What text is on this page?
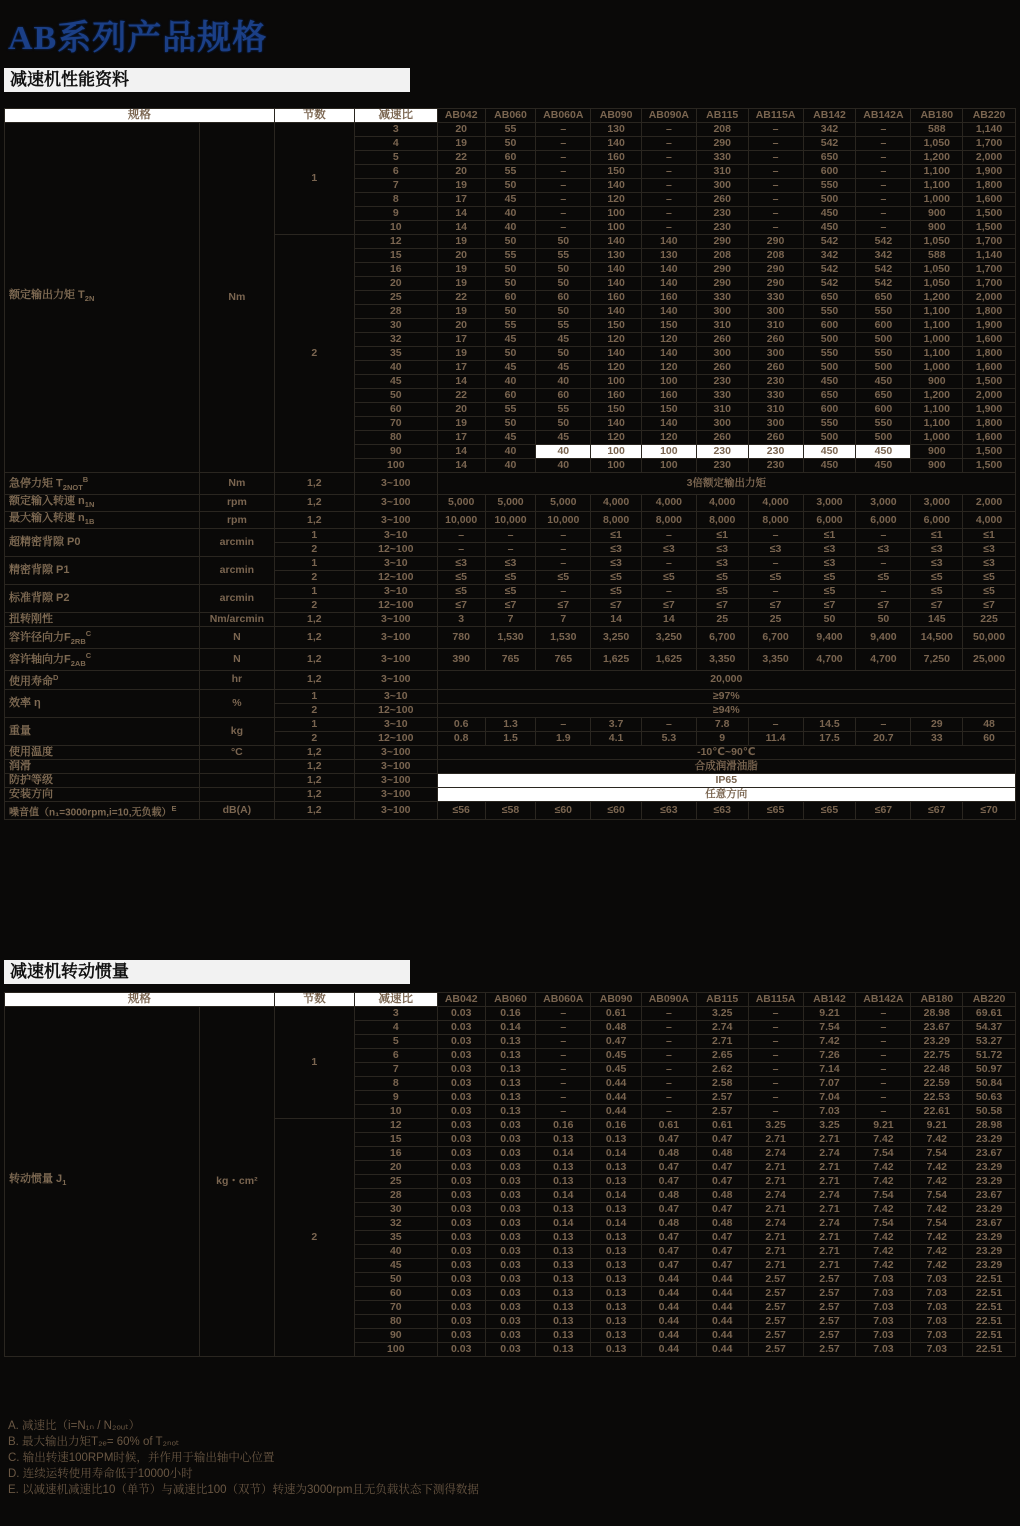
AB系列产品规格
减速机性能资料
规格		节数	减速比	AB042	AB060	AB060A	AB090	AB090A	AB115	AB115A	AB142	AB142A	AB180	AB220
额定输出力矩 $T_{2N}$	Nm	1	3	20	55	–	130	–	208	–	342	–	588	1,140
			4	19	50	–	140	–	290	–	542	–	1,050	1,700
			5	22	60	–	160	–	330	–	650	–	1,200	2,000
			6	20	55	–	150	–	310	–	600	–	1,100	1,900
			7	19	50	–	140	–	300	–	550	–	1,100	1,800
			8	17	45	–	120	–	260	–	500	–	1,000	1,600
			9	14	40	–	100	–	230	–	450	–	900	1,500
			10	14	40	–	100	–	230	–	450	–	900	1,500
		2	12	19	50	50	140	140	290	290	542	542	1,050	1,700
			15	20	55	55	130	130	208	208	342	342	588	1,140
			16	19	50	50	140	140	290	290	542	542	1,050	1,700
			20	19	50	50	140	140	290	290	542	542	1,050	1,700
			25	22	60	60	160	160	330	330	650	650	1,200	2,000
			28	19	50	50	140	140	300	300	550	550	1,100	1,800
			30	20	55	55	150	150	310	310	600	600	1,100	1,900
			32	17	45	45	120	120	260	260	500	500	1,000	1,600
			35	19	50	50	140	140	300	300	550	550	1,100	1,800
			40	17	45	45	120	120	260	260	500	500	1,000	1,600
			45	14	40	40	100	100	230	230	450	450	900	1,500
			50	22	60	60	160	160	330	330	650	650	1,200	2,000
			60	20	55	55	150	150	310	310	600	600	1,100	1,900
			70	19	50	50	140	140	300	300	550	550	1,100	1,800
			80	17	45	45	120	120	260	260	500	500	1,000	1,600
			90	14	40	40	100	100	230	230	450	450	900	1,500
			100	14	40	40	100	100	230	230	450	450	900	1,500
急停力矩 $T_{2NOT}^B$	Nm	1,2	3~100	3倍额定输出力矩										
额定输入转速 $n_{1N}$	rpm	1,2	3~100	5,000	5,000	5,000	4,000	4,000	4,000	4,000	3,000	3,000	3,000	2,000
最大输入转速 $n_{1B}$	rpm	1,2	3~100	10,000	10,000	10,000	8,000	8,000	8,000	8,000	6,000	6,000	6,000	4,000
超精密背隙 P0	arcmin	1	3~10	–	–	–	≤1	–	≤1	–	≤1	–	≤1	≤1
		2	12~100	–	–	–	≤3	≤3	≤3	≤3	≤3	≤3	≤3	≤3
精密背隙 P1	arcmin	1	3~10	≤3	≤3	–	≤3	–	≤3	–	≤3	–	≤3	≤3
		2	12~100	≤5	≤5	≤5	≤5	≤5	≤5	≤5	≤5	≤5	≤5	≤5
标准背隙 P2	arcmin	1	3~10	≤5	≤5	–	≤5	–	≤5	–	≤5	–	≤5	≤5
		2	12~100	≤7	≤7	≤7	≤7	≤7	≤7	≤7	≤7	≤7	≤7	≤7
扭转刚性	Nm/arcmin	1,2	3~100	3	7	7	14	14	25	25	50	50	145	225
容许径向力$F_{2RB}^C$	N	1,2	3~100	780	1,530	1,530	3,250	3,250	6,700	6,700	9,400	9,400	14,500	50,000
容许轴向力$F_{2AB}^C$	N	1,2	3~100	390	765	765	1,625	1,625	3,350	3,350	4,700	4,700	7,250	25,000
使用寿命$^D$	hr	1,2	3~100	20,000										
效率 η	%	1	3~10	≥97%										
		2	12~100	≥94%										
重量	kg	1	3~10	0.6	1.3	–	3.7	–	7.8	–	14.5	–	29	48
		2	12~100	0.8	1.5	1.9	4.1	5.3	9	11.4	17.5	20.7	33	60
使用温度	°C	1,2	3~100	-10℃~90℃										
润滑		1,2	3~100	合成润滑油脂										
防护等级		1,2	3~100	IP65										
安装方向		1,2	3~100	任意方向										
噪音值（n₁=3000rpm,i=10,无负载）$^E$	dB(A)	1,2	3~100	≤56	≤58	≤60	≤60	≤63	≤63	≤65	≤65	≤67	≤67	≤70
减速机转动惯量
规格		节数	减速比	AB042	AB060	AB060A	AB090	AB090A	AB115	AB115A	AB142	AB142A	AB180	AB220
转动惯量 $J_1$	kg・cm²	1	3	0.03	0.16	–	0.61	–	3.25	–	9.21	–	28.98	69.61
			4	0.03	0.14	–	0.48	–	2.74	–	7.54	–	23.67	54.37
			5	0.03	0.13	–	0.47	–	2.71	–	7.42	–	23.29	53.27
			6	0.03	0.13	–	0.45	–	2.65	–	7.26	–	22.75	51.72
			7	0.03	0.13	–	0.45	–	2.62	–	7.14	–	22.48	50.97
			8	0.03	0.13	–	0.44	–	2.58	–	7.07	–	22.59	50.84
			9	0.03	0.13	–	0.44	–	2.57	–	7.04	–	22.53	50.63
			10	0.03	0.13	–	0.44	–	2.57	–	7.03	–	22.61	50.58
		2	12	0.03	0.03	0.16	0.16	0.61	0.61	3.25	3.25	9.21	9.21	28.98
			15	0.03	0.03	0.13	0.13	0.47	0.47	2.71	2.71	7.42	7.42	23.29
			16	0.03	0.03	0.14	0.14	0.48	0.48	2.74	2.74	7.54	7.54	23.67
			20	0.03	0.03	0.13	0.13	0.47	0.47	2.71	2.71	7.42	7.42	23.29
			25	0.03	0.03	0.13	0.13	0.47	0.47	2.71	2.71	7.42	7.42	23.29
			28	0.03	0.03	0.14	0.14	0.48	0.48	2.74	2.74	7.54	7.54	23.67
			30	0.03	0.03	0.13	0.13	0.47	0.47	2.71	2.71	7.42	7.42	23.29
			32	0.03	0.03	0.14	0.14	0.48	0.48	2.74	2.74	7.54	7.54	23.67
			35	0.03	0.03	0.13	0.13	0.47	0.47	2.71	2.71	7.42	7.42	23.29
			40	0.03	0.03	0.13	0.13	0.47	0.47	2.71	2.71	7.42	7.42	23.29
			45	0.03	0.03	0.13	0.13	0.47	0.47	2.71	2.71	7.42	7.42	23.29
			50	0.03	0.03	0.13	0.13	0.44	0.44	2.57	2.57	7.03	7.03	22.51
			60	0.03	0.03	0.13	0.13	0.44	0.44	2.57	2.57	7.03	7.03	22.51
			70	0.03	0.03	0.13	0.13	0.44	0.44	2.57	2.57	7.03	7.03	22.51
			80	0.03	0.03	0.13	0.13	0.44	0.44	2.57	2.57	7.03	7.03	22.51
			90	0.03	0.03	0.13	0.13	0.44	0.44	2.57	2.57	7.03	7.03	22.51
			100	0.03	0.03	0.13	0.13	0.44	0.44	2.57	2.57	7.03	7.03	22.51
A. 减速比（i=N₁ₙ / N₂ₒᵤₜ）
B. 最大输出力矩T₂ₑ= 60% of T₂ₙₒₜ
C. 输出转速100RPM时候，并作用于输出轴中心位置
D. 连续运转使用寿命低于10000小时
E. 以减速机减速比10（单节）与减速比100（双节）转速为3000rpm且无负载状态下测得数据
